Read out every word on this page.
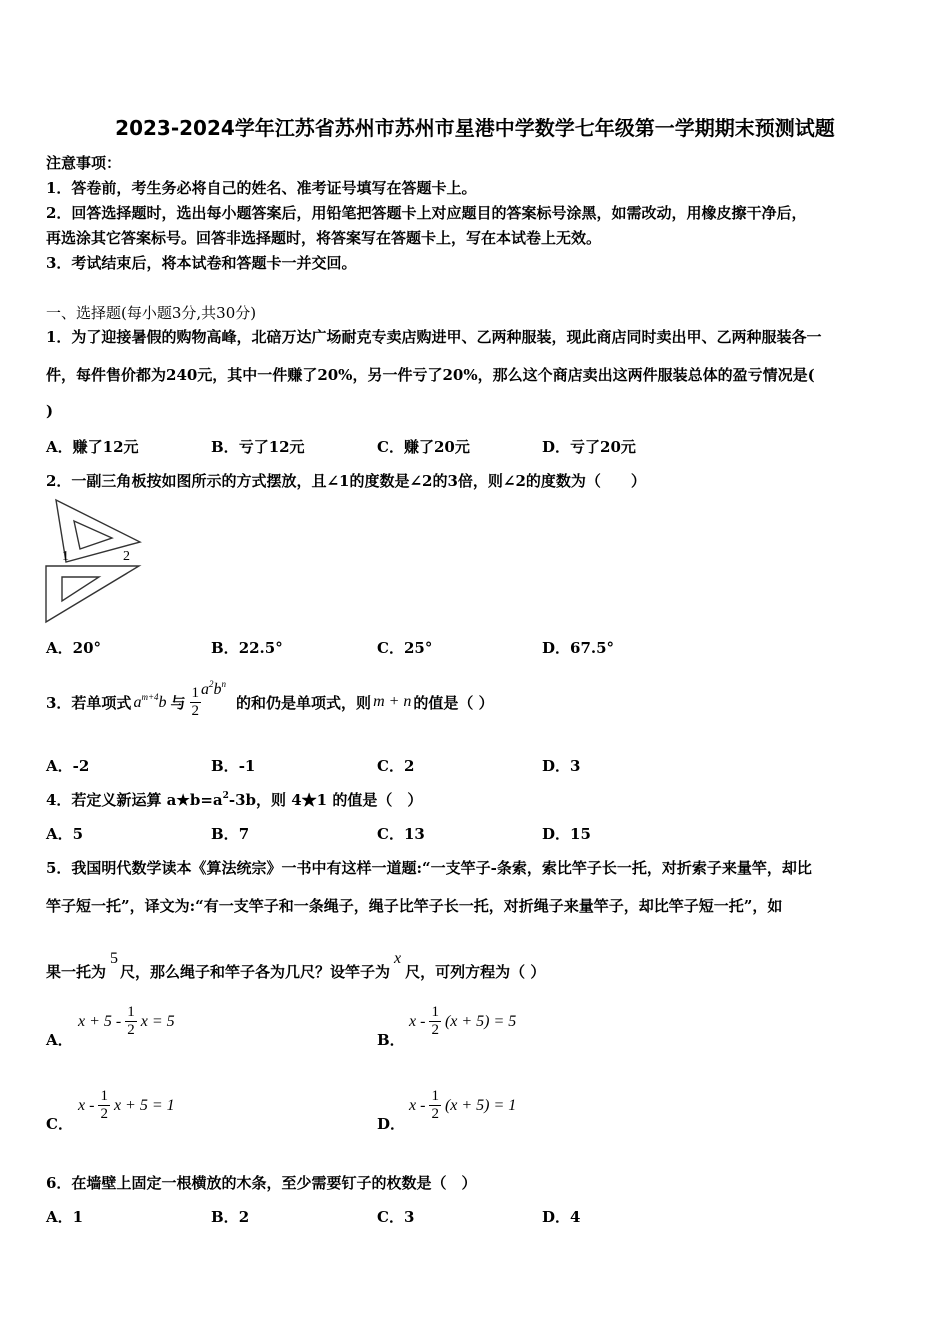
2023-2024学年江苏省苏州市苏州市星港中学数学七年级第一学期期末预测试题
注意事项：
1．答卷前，考生务必将自己的姓名、准考证号填写在答题卡上。
2．回答选择题时，选出每小题答案后，用铅笔把答题卡上对应题目的答案标号涂黑，如需改动，用橡皮擦干净后，
再选涂其它答案标号。回答非选择题时，将答案写在答题卡上，写在本试卷上无效。
3．考试结束后，将本试卷和答题卡一并交回。
一、选择题(每小题3分,共30分)
1．为了迎接暑假的购物高峰，北碚万达广场耐克专卖店购进甲、乙两种服装，现此商店同时卖出甲、乙两种服装各一
件，每件售价都为240元，其中一件赚了20%，另一件亏了20%，那么这个商店卖出这两件服装总体的盈亏情况是(
)
A．赚了12元	B．亏了12元	C．赚了20元	D．亏了20元
2．一副三角板按如图所示的方式摆放，且∠1的度数是∠2的3倍，则∠2的度数为（　　）
1	2
A．20°	B．22.5°	C．25°	D．67.5°
3．若单项式 $a^{m+4}b$ 与 $\frac{1}{2} a^2b^n$
的和仍是单项式，则 m + n 的值是（ ）
A．-2	B．-1	C．2	D．3
4．若定义新运算 $a★b=a^2-3b$，则 4★1 的值是（　）
A．5	B．7	C．13	D．15
5．我国明代数学读本《算法统宗》一书中有这样一道题:“一支竿子-条索，索比竿子长一托，对折索子来量竿，却比
竿子短一托”，译文为:“有一支竿子和一条绳子，绳子比竿子长一托，对折绳子来量竿子，却比竿子短一托”，如
果一托为
5
尺，那么绳子和竿子各为几尺？设竿子为
x
尺，可列方程为（ ）
A．
$x + 5 - \frac{1}{2}$ x = 5
B．
$x - \frac{1}{2} (x + 5) = 5$
C．
x - $\frac{1}{2}$ x + 5 = 1
D．
$x - \frac{1}{2} (x + 5) = 1$
6．在墙壁上固定一根横放的木条，至少需要钉子的枚数是（　）
A．1	B．2	C．3	D．4
